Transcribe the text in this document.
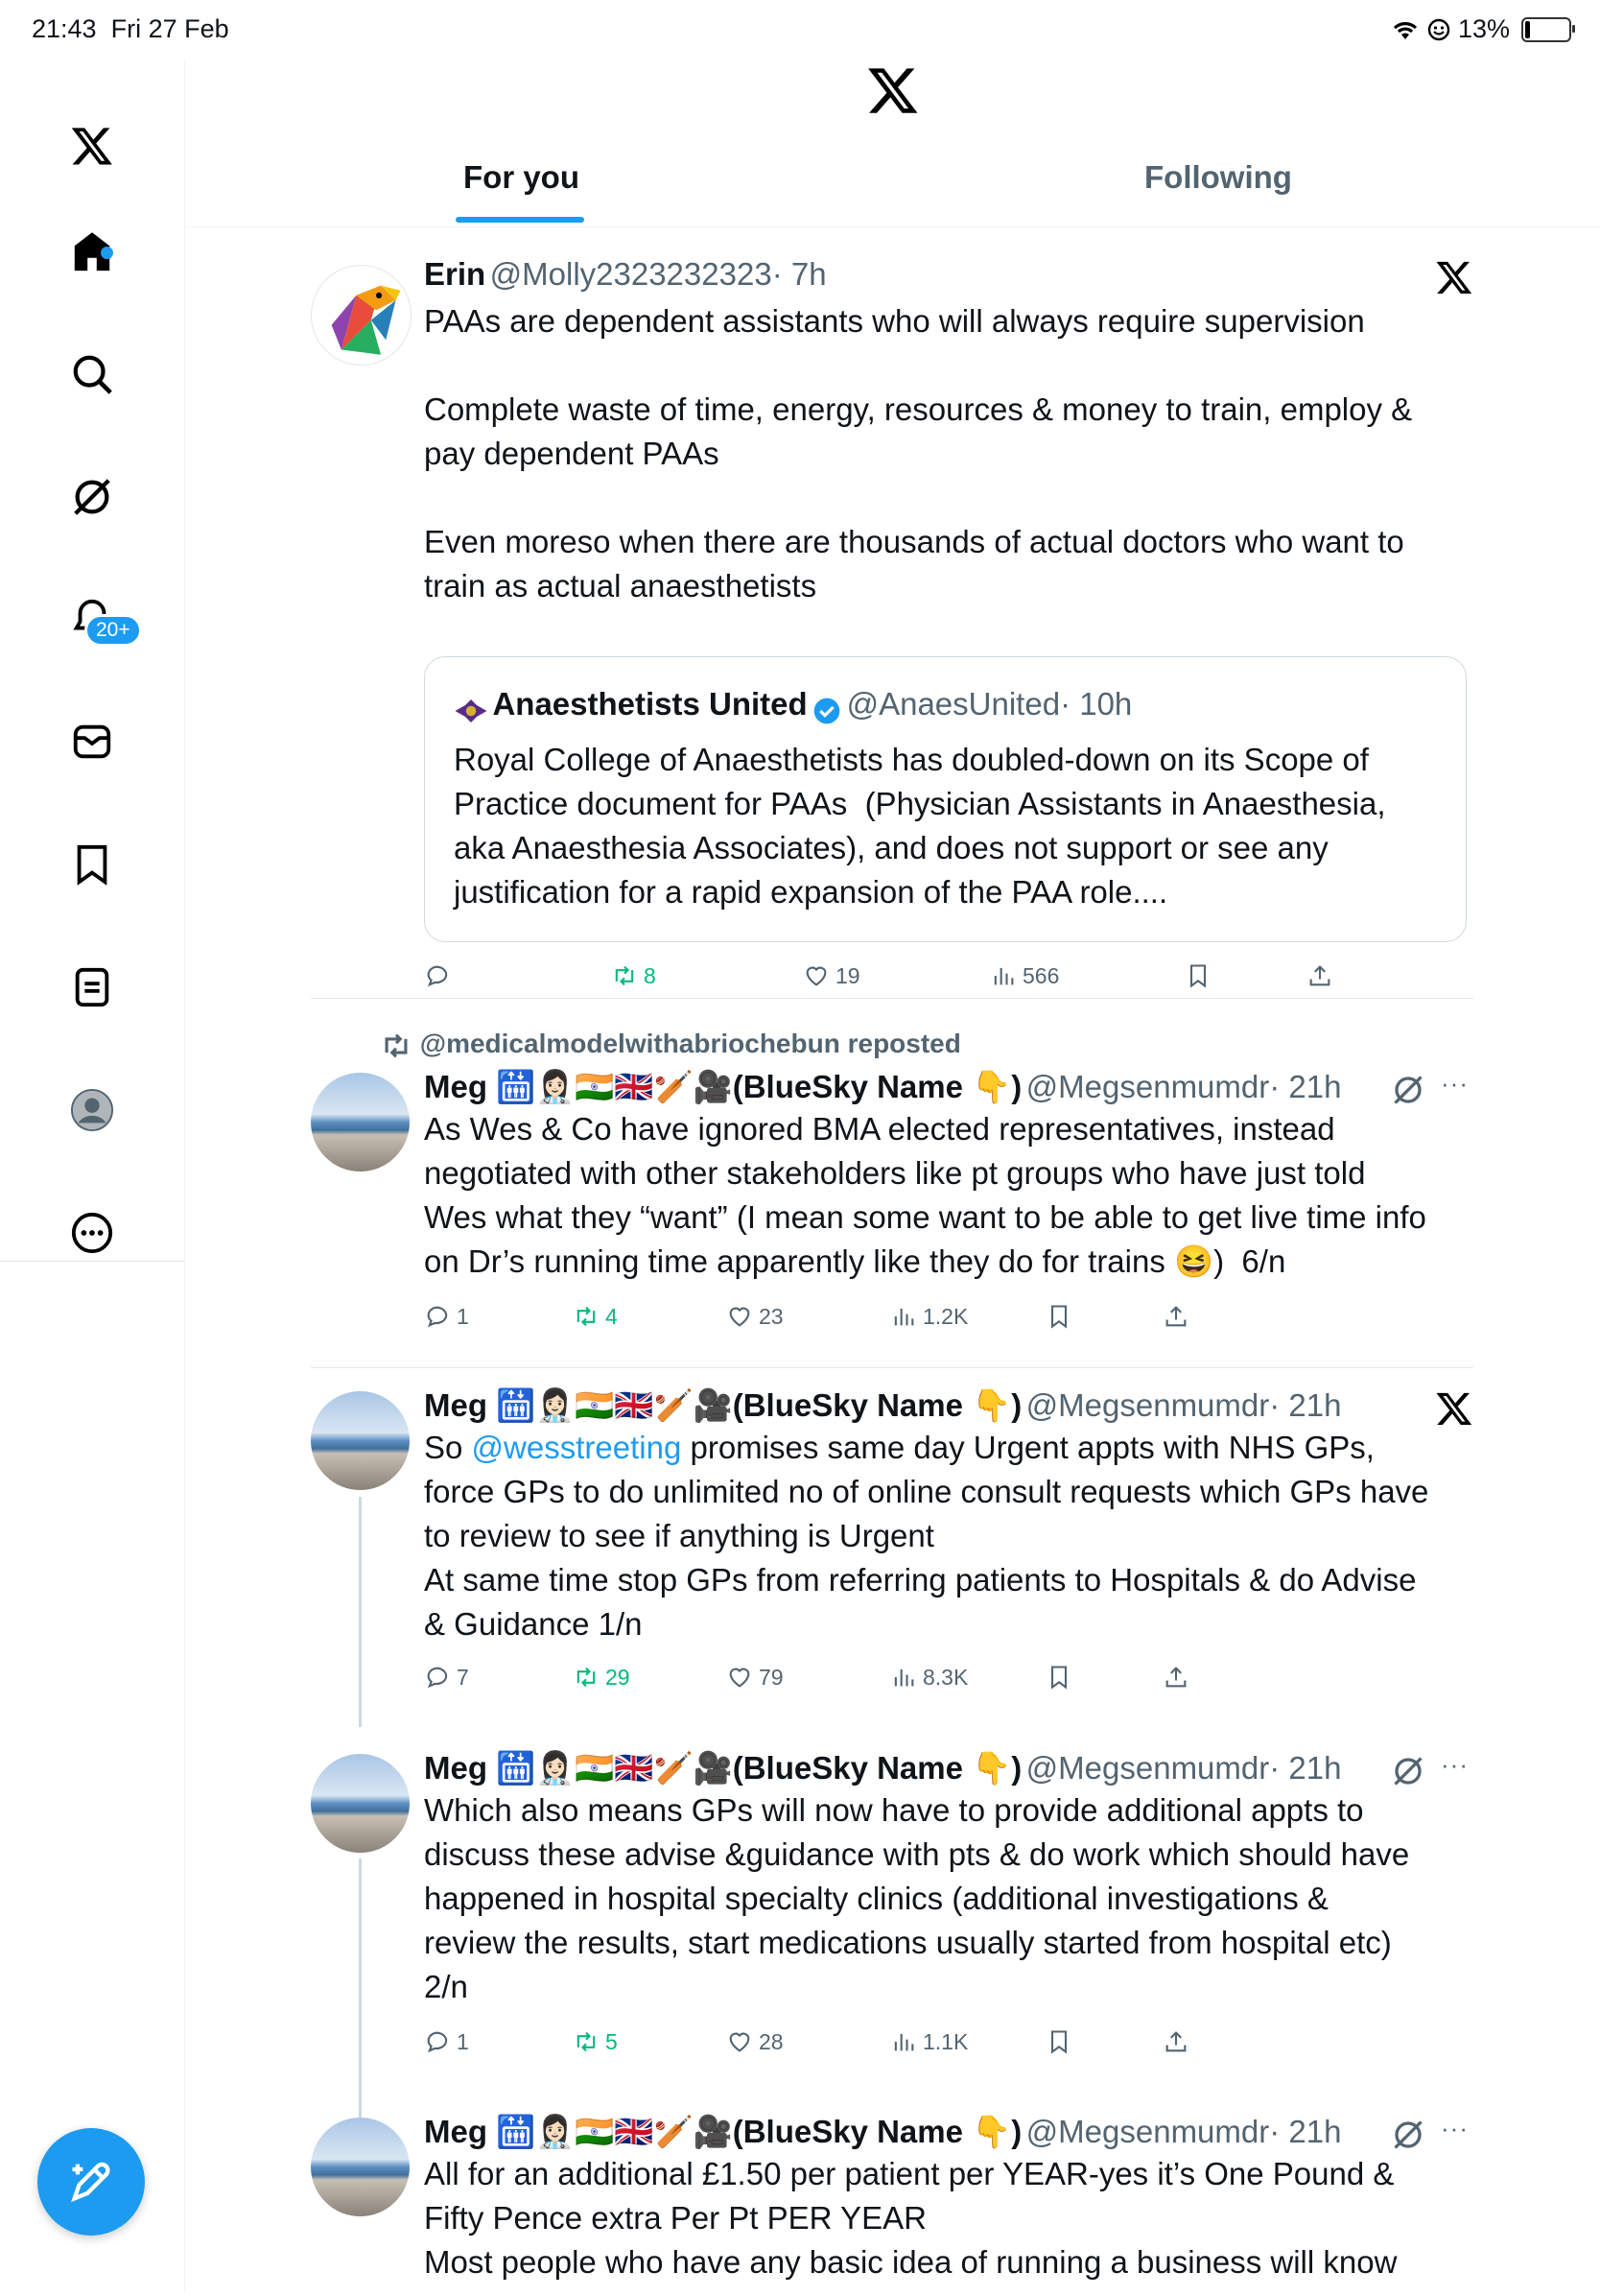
21:43 Fri 27 Feb	13%
20+
For you	Following
Erin @Molly2323232323· 7h
PAAs are dependent assistants who will always require supervision

Complete waste of time, energy, resources & money to train, employ &
pay dependent PAAs

Even moreso when there are thousands of actual doctors who want to
train as actual anaesthetists
Anaesthetists United @AnaesUnited· 10h
Royal College of Anaesthetists has doubled-down on its Scope of
Practice document for PAAs  (Physician Assistants in Anaesthesia,
aka Anaesthesia Associates), and does not support or see any
justification for a rapid expansion of the PAA role....
8	19	566
@medicalmodelwithabriochebun reposted
Meg 🛗👩🏻‍⚕️🇮🇳🇬🇧🏏🎥(BlueSky Name 👇) @Megsenmumdr· 21h	···
As Wes & Co have ignored BMA elected representatives, instead
negotiated with other stakeholders like pt groups who have just told
Wes what they “want” (I mean some want to be able to get live time info
on Dr’s running time apparently like they do for trains 😆)  6/n
1	4	23	1.2K
Meg 🛗👩🏻‍⚕️🇮🇳🇬🇧🏏🎥(BlueSky Name 👇) @Megsenmumdr· 21h
So @wesstreeting promises same day Urgent appts with NHS GPs,
force GPs to do unlimited no of online consult requests which GPs have
to review to see if anything is Urgent
At same time stop GPs from referring patients to Hospitals & do Advise
& Guidance 1/n
7	29	79	8.3K
Meg 🛗👩🏻‍⚕️🇮🇳🇬🇧🏏🎥(BlueSky Name 👇) @Megsenmumdr· 21h	···
Which also means GPs will now have to provide additional appts to
discuss these advise &guidance with pts & do work which should have
happened in hospital specialty clinics (additional investigations &
review the results, start medications usually started from hospital etc)
2/n
1	5	28	1.1K
Meg 🛗👩🏻‍⚕️🇮🇳🇬🇧🏏🎥(BlueSky Name 👇) @Megsenmumdr· 21h	···
All for an additional £1.50 per patient per YEAR-yes it’s One Pound &
Fifty Pence extra Per Pt PER YEAR
Most people who have any basic idea of running a business will know
